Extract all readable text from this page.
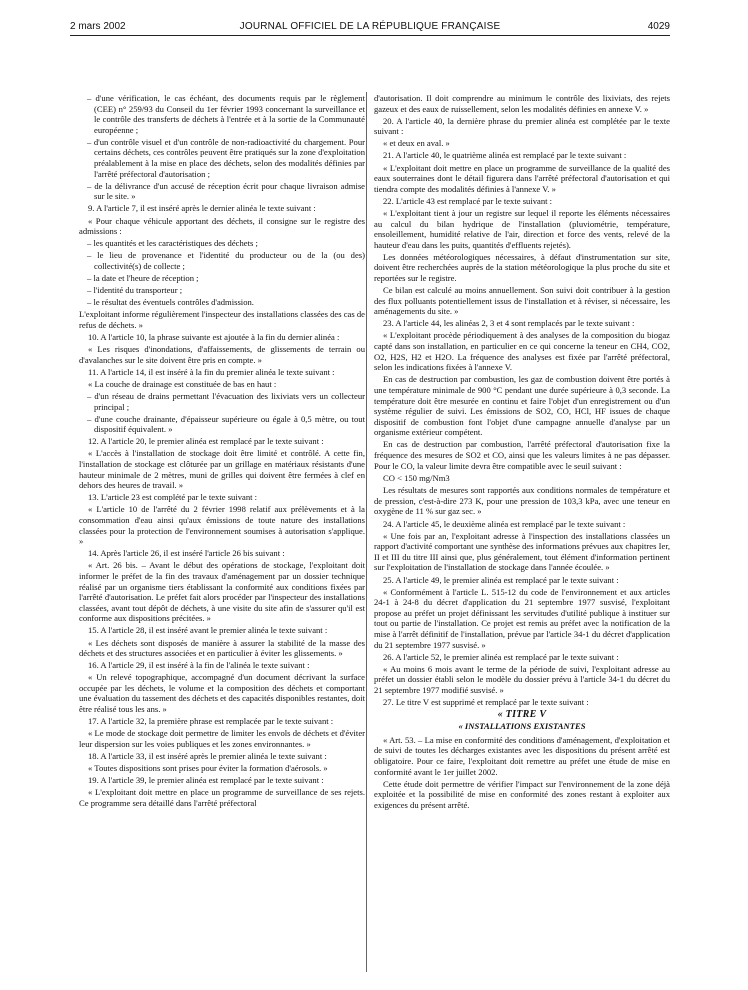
2 mars 2002	JOURNAL OFFICIEL DE LA RÉPUBLIQUE FRANÇAISE	4029

– d'une vérification, le cas échéant, des documents requis par le règlement (CEE) n° 259/93 du Conseil du 1er février 1993 concernant la surveillance et le contrôle des transferts de déchets à l'entrée et à la sortie de la Communauté européenne ;

– d'un contrôle visuel et d'un contrôle de non-radioactivité du chargement. Pour certains déchets, ces contrôles peuvent être pratiqués sur la zone d'exploitation préalablement à la mise en place des déchets, selon des modalités définies par l'arrêté préfectoral d'autorisation ;

– de la délivrance d'un accusé de réception écrit pour chaque livraison admise sur le site. »

9. A l'article 7, il est inséré après le dernier alinéa le texte suivant :

« Pour chaque véhicule apportant des déchets, il consigne sur le registre des admissions :

– les quantités et les caractéristiques des déchets ;

– le lieu de provenance et l'identité du producteur ou de la (ou des) collectivité(s) de collecte ;

– la date et l'heure de réception ;

– l'identité du transporteur ;

– le résultat des éventuels contrôles d'admission.

L'exploitant informe régulièrement l'inspecteur des installations classées des cas de refus de déchets. »

10. A l'article 10, la phrase suivante est ajoutée à la fin du dernier alinéa :

« Les risques d'inondations, d'affaissements, de glissements de terrain ou d'avalanches sur le site doivent être pris en compte. »

11. A l'article 14, il est inséré à la fin du premier alinéa le texte suivant :

« La couche de drainage est constituée de bas en haut :

– d'un réseau de drains permettant l'évacuation des lixiviats vers un collecteur principal ;

– d'une couche drainante, d'épaisseur supérieure ou égale à 0,5 mètre, ou tout dispositif équivalent. »

12. A l'article 20, le premier alinéa est remplacé par le texte suivant :

« L'accès à l'installation de stockage doit être limité et contrôlé. A cette fin, l'installation de stockage est clôturée par un grillage en matériaux résistants d'une hauteur minimale de 2 mètres, muni de grilles qui doivent être fermées à clef en dehors des heures de travail. »

13. L'article 23 est complété par le texte suivant :

« L'article 10 de l'arrêté du 2 février 1998 relatif aux prélèvements et à la consommation d'eau ainsi qu'aux émissions de toute nature des installations classées pour la protection de l'environnement soumises à autorisation s'applique. »

14. Après l'article 26, il est inséré l'article 26 bis suivant :

« Art. 26 bis. – Avant le début des opérations de stockage, l'exploitant doit informer le préfet de la fin des travaux d'aménagement par un dossier technique réalisé par un organisme tiers établissant la conformité aux conditions fixées par l'arrêté d'autorisation. Le préfet fait alors procéder par l'inspecteur des installations classées, avant tout dépôt de déchets, à une visite du site afin de s'assurer qu'il est conforme aux dispositions précitées. »

15. A l'article 28, il est inséré avant le premier alinéa le texte suivant :

« Les déchets sont disposés de manière à assurer la stabilité de la masse des déchets et des structures associées et en particulier à éviter les glissements. »

16. A l'article 29, il est inséré à la fin de l'alinéa le texte suivant :

« Un relevé topographique, accompagné d'un document décrivant la surface occupée par les déchets, le volume et la composition des déchets et comportant une évaluation du tassement des déchets et des capacités disponibles restantes, doit être réalisé tous les ans. »

17. A l'article 32, la première phrase est remplacée par le texte suivant :

« Le mode de stockage doit permettre de limiter les envols de déchets et d'éviter leur dispersion sur les voies publiques et les zones environnantes. »

18. A l'article 33, il est inséré après le premier alinéa le texte suivant :

« Toutes dispositions sont prises pour éviter la formation d'aérosols. »

19. A l'article 39, le premier alinéa est remplacé par le texte suivant :

« L'exploitant doit mettre en place un programme de surveillance de ses rejets. Ce programme sera détaillé dans l'arrêté préfectoral

d'autorisation. Il doit comprendre au minimum le contrôle des lixiviats, des rejets gazeux et des eaux de ruissellement, selon les modalités définies en annexe V. »

20. A l'article 40, la dernière phrase du premier alinéa est complétée par le texte suivant :

« et deux en aval. »

21. A l'article 40, le quatrième alinéa est remplacé par le texte suivant :

« L'exploitant doit mettre en place un programme de surveillance de la qualité des eaux souterraines dont le détail figurera dans l'arrêté préfectoral d'autorisation et qui tiendra compte des modalités définies à l'annexe V. »

22. L'article 43 est remplacé par le texte suivant :

« L'exploitant tient à jour un registre sur lequel il reporte les éléments nécessaires au calcul du bilan hydrique de l'installation (pluviométrie, température, ensoleillement, humidité relative de l'air, direction et force des vents, relevé de la hauteur d'eau dans les puits, quantités d'effluents rejetés).

Les données météorologiques nécessaires, à défaut d'instrumentation sur site, doivent être recherchées auprès de la station météorologique la plus proche du site et reportées sur le registre.

Ce bilan est calculé au moins annuellement. Son suivi doit contribuer à la gestion des flux polluants potentiellement issus de l'installation et à réviser, si nécessaire, les aménagements du site. »

23. A l'article 44, les alinéas 2, 3 et 4 sont remplacés par le texte suivant :

« L'exploitant procède périodiquement à des analyses de la composition du biogaz capté dans son installation, en particulier en ce qui concerne la teneur en CH4, CO2, O2, H2S, H2 et H2O. La fréquence des analyses est fixée par l'arrêté préfectoral, selon les indications fixées à l'annexe V.

En cas de destruction par combustion, les gaz de combustion doivent être portés à une température minimale de 900 °C pendant une durée supérieure à 0,3 seconde. La température doit être mesurée en continu et faire l'objet d'un enregistrement ou d'un système régulier de suivi. Les émissions de SO2, CO, HCl, HF issues de chaque dispositif de combustion font l'objet d'une campagne annuelle d'analyse par un organisme extérieur compétent.

En cas de destruction par combustion, l'arrêté préfectoral d'autorisation fixe la fréquence des mesures de SO2 et CO, ainsi que les valeurs limites à ne pas dépasser. Pour le CO, la valeur limite devra être compatible avec le seuil suivant :

CO < 150 mg/Nm3

Les résultats de mesures sont rapportés aux conditions normales de température et de pression, c'est-à-dire 273 K, pour une pression de 103,3 kPa, avec une teneur en oxygène de 11 % sur gaz sec. »

24. A l'article 45, le deuxième alinéa est remplacé par le texte suivant :

« Une fois par an, l'exploitant adresse à l'inspection des installations classées un rapport d'activité comportant une synthèse des informations prévues aux chapitres Ier, II et III du titre III ainsi que, plus généralement, tout élément d'information pertinent sur l'exploitation de l'installation de stockage dans l'année écoulée. »

25. A l'article 49, le premier alinéa est remplacé par le texte suivant :

« Conformément à l'article L. 515-12 du code de l'environnement et aux articles 24-1 à 24-8 du décret d'application du 21 septembre 1977 susvisé, l'exploitant propose au préfet un projet définissant les servitudes d'utilité publique à instituer sur tout ou partie de l'installation. Ce projet est remis au préfet avec la notification de la mise à l'arrêt définitif de l'installation, prévue par l'article 34-1 du décret d'application du 21 septembre 1977 susvisé. »

26. A l'article 52, le premier alinéa est remplacé par le texte suivant :

« Au moins 6 mois avant le terme de la période de suivi, l'exploitant adresse au préfet un dossier établi selon le modèle du dossier prévu à l'article 34-1 du décret du 21 septembre 1977 modifié susvisé. »

27. Le titre V est supprimé et remplacé par le texte suivant :

« TITRE V
« INSTALLATIONS EXISTANTES

« Art. 53. – La mise en conformité des conditions d'aménagement, d'exploitation et de suivi de toutes les décharges existantes avec les dispositions du présent arrêté est obligatoire. Pour ce faire, l'exploitant doit remettre au préfet une étude de mise en conformité avant le 1er juillet 2002.

Cette étude doit permettre de vérifier l'impact sur l'environnement de la zone déjà exploitée et la possibilité de mise en conformité des zones restant à exploiter aux exigences du présent arrêté.
